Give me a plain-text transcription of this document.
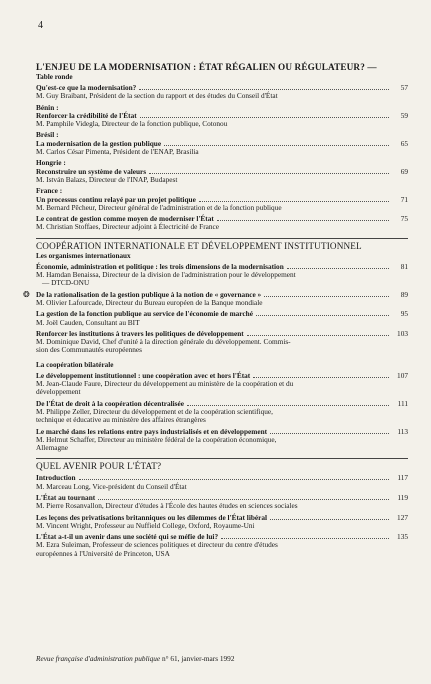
4
L'ENJEU DE LA MODERNISATION : ÉTAT RÉGALIEN OU RÉGULATEUR? —
Table ronde
Qu'est-ce que la modernisation?	57
M. Guy Braibant, Président de la section du rapport et des études du Conseil d'État
Bénin :
Renforcer la crédibilité de l'État	59
M. Pamphile Videgla, Directeur de la fonction publique, Cotonou
Brésil :
La modernisation de la gestion publique	65
M. Carlos César Pimenta, Président de l'ENAP, Brasilia
Hongrie :
Reconstruire un système de valeurs	69
M. István Balazs, Directeur de l'INAP, Budapest
France :
Un processus continu relayé par un projet politique	71
M. Bernard Pêcheur, Directeur général de l'administration et de la fonction publique
Le contrat de gestion comme moyen de moderniser l'État	75
M. Christian Stoffaes, Directeur adjoint à Électricité de France
COOPÉRATION INTERNATIONALE ET DÉVELOPPEMENT INSTITUTIONNEL
Les organismes internationaux
Économie, administration et politique : les trois dimensions de la modernisation	81
M. Hamdan Benaissa, Directeur de la division de l'administration pour le développement
— DTCD-ONU
❂ De la rationalisation de la gestion publique à la notion de « governance »	89
M. Olivier Lafourcade, Directeur du Bureau européen de la Banque mondiale
La gestion de la fonction publique au service de l'économie de marché	95
M. Joël Cauden, Consultant au BIT
Renforcer les institutions à travers les politiques de développement	103
M. Dominique David, Chef d'unité à la direction générale du développement. Commis-
sion des Communautés européennes
La coopération bilatérale
Le développement institutionnel : une coopération avec et hors l'État	107
M. Jean-Claude Faure, Directeur du développement au ministère de la coopération et du
développement
De l'État de droit à la coopération décentralisée	111
M. Philippe Zeller, Directeur du développement et de la coopération scientifique,
technique et éducative au ministère des affaires étrangères
Le marché dans les relations entre pays industrialisés et en développement	113
M. Helmut Schaffer, Directeur au ministère fédéral de la coopération économique,
Allemagne
QUEL AVENIR POUR L'ÉTAT?
Introduction	117
M. Marceau Long, Vice-président du Conseil d'État
L'État au tournant	119
M. Pierre Rosanvallon, Directeur d'études à l'École des hautes études en sciences sociales
Les leçons des privatisations britanniques ou les dilemmes de l'État libéral	127
M. Vincent Wright, Professeur au Nuffield College, Oxford, Royaume-Uni
L'État a-t-il un avenir dans une société qui se méfie de lui?	135
M. Ezra Suleiman, Professeur de sciences politiques et directeur du centre d'études
européennes à l'Université de Princeton, USA
Revue française d'administration publique n° 61, janvier-mars 1992
